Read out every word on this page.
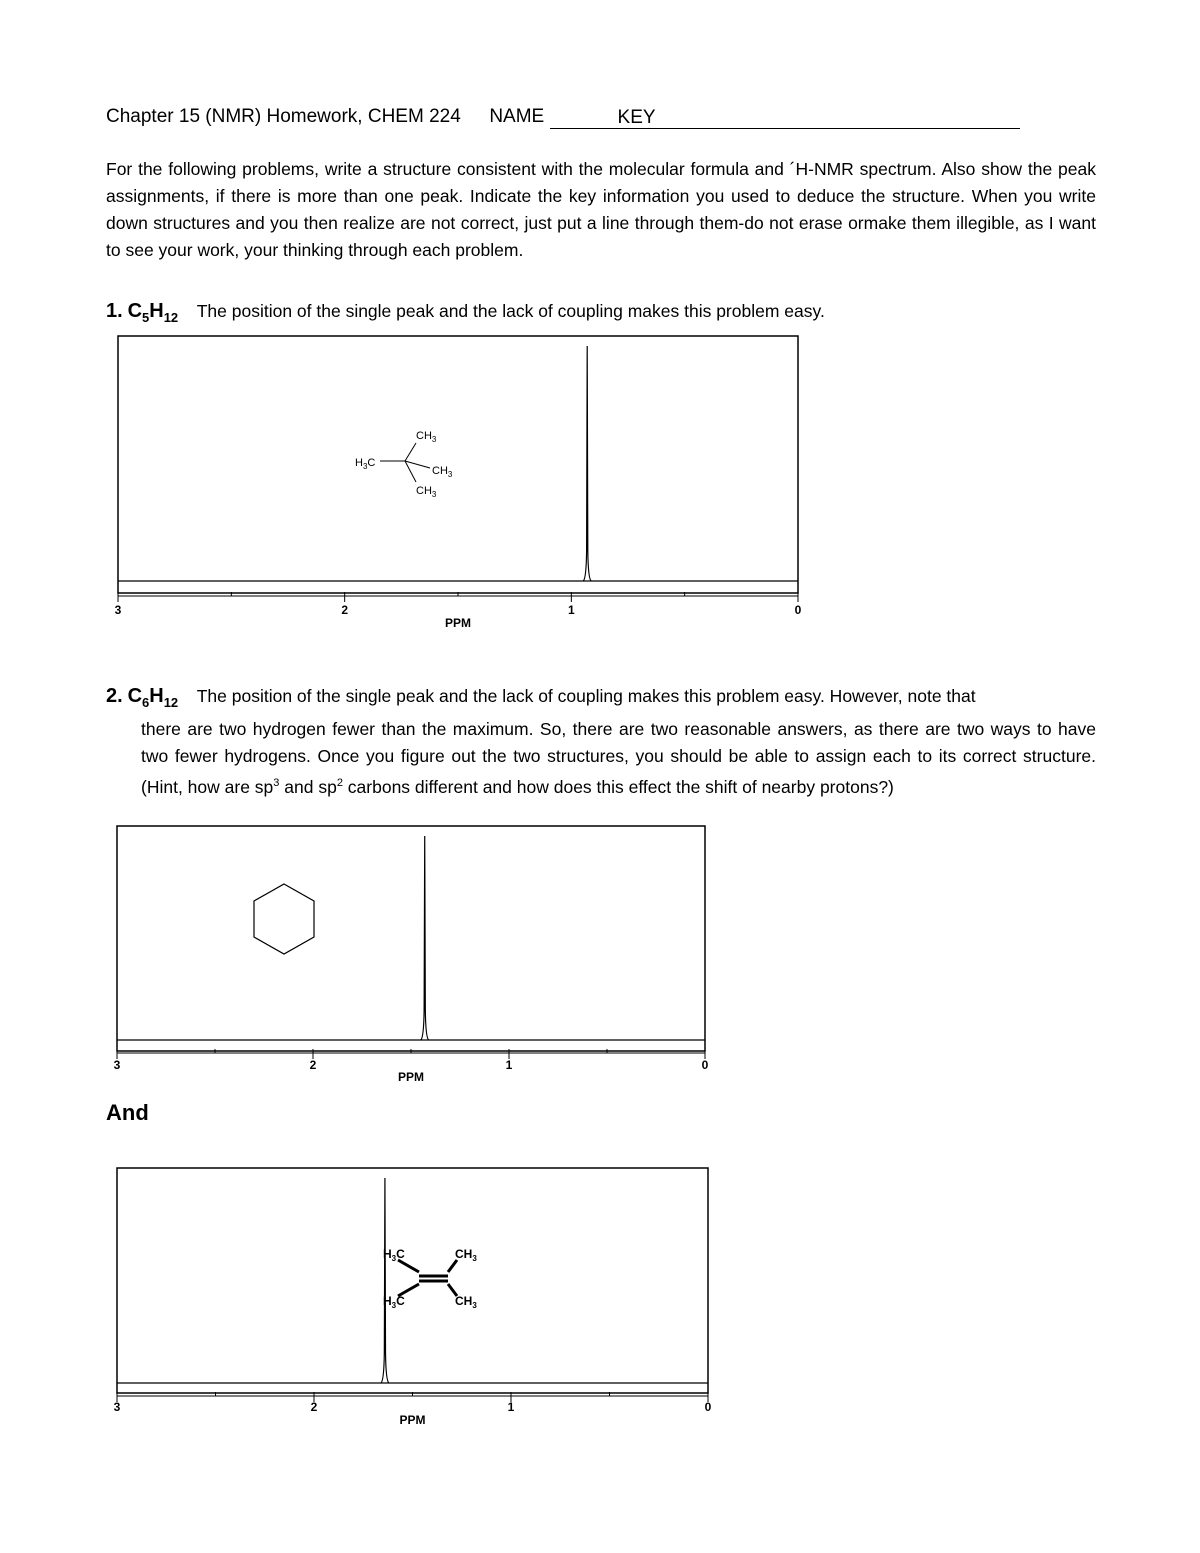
Chapter 15 (NMR) Homework, CHEM 224 NAME	KEY
For the following problems, write a structure consistent with the molecular formula and ´H-NMR spectrum. Also show the peak assignments, if there is more than one peak. Indicate the key information you used to deduce the structure. When you write down structures and you then realize are not correct, just put a line through them-do not erase ormake them illegible, as I want to see your work, your thinking through each problem.
1. $C_5H_{12}$ The position of the single peak and the lack of coupling makes this problem easy.
3	2	1	0
PPM
$CH_3$
$H_3C$
$CH_3$
$CH_3$
2. $C_6H_{12}$ The position of the single peak and the lack of coupling makes this problem easy. However, note that
there are two hydrogen fewer than the maximum. So, there are two reasonable answers, as there are two ways to have two fewer hydrogens. Once you figure out the two structures, you should be able to assign each to its correct structure. (Hint, how are $sp^3$ and $sp^2$ carbons different and how does this effect the shift of nearby protons?)
3	2	1	0
PPM
And
3	2	1	0
PPM
$H_3C$	$CH_3$
$H_3C$	$CH_3$
